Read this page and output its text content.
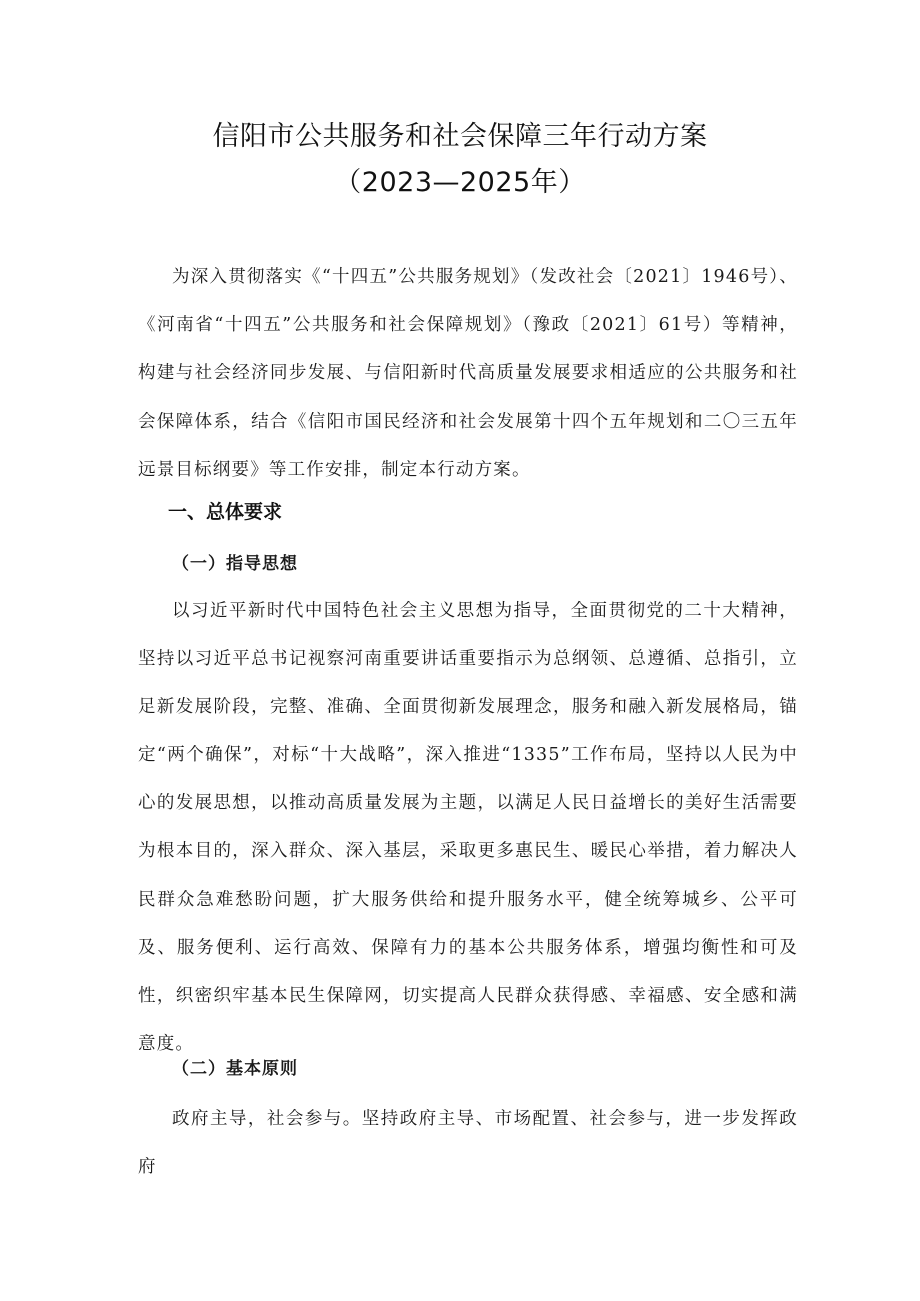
信阳市公共服务和社会保障三年行动方案
（2023—2025年）

为深入贯彻落实《“十四五”公共服务规划》（发改社会〔2021〕1946号）、《河南省“十四五”公共服务和社会保障规划》（豫政〔2021〕61号）等精神，构建与社会经济同步发展、与信阳新时代高质量发展要求相适应的公共服务和社会保障体系，结合《信阳市国民经济和社会发展第十四个五年规划和二〇三五年远景目标纲要》等工作安排，制定本行动方案。

一、总体要求
（一）指导思想

以习近平新时代中国特色社会主义思想为指导，全面贯彻党的二十大精神，坚持以习近平总书记视察河南重要讲话重要指示为总纲领、总遵循、总指引，立足新发展阶段，完整、准确、全面贯彻新发展理念，服务和融入新发展格局，锚定“两个确保”，对标“十大战略”，深入推进“1335”工作布局，坚持以人民为中心的发展思想，以推动高质量发展为主题，以满足人民日益增长的美好生活需要为根本目的，深入群众、深入基层，采取更多惠民生、暖民心举措，着力解决人民群众急难愁盼问题，扩大服务供给和提升服务水平，健全统筹城乡、公平可及、服务便利、运行高效、保障有力的基本公共服务体系，增强均衡性和可及性，织密织牢基本民生保障网，切实提高人民群众获得感、幸福感、安全感和满意度。

（二）基本原则

政府主导，社会参与。坚持政府主导、市场配置、社会参与，进一步发挥政府
